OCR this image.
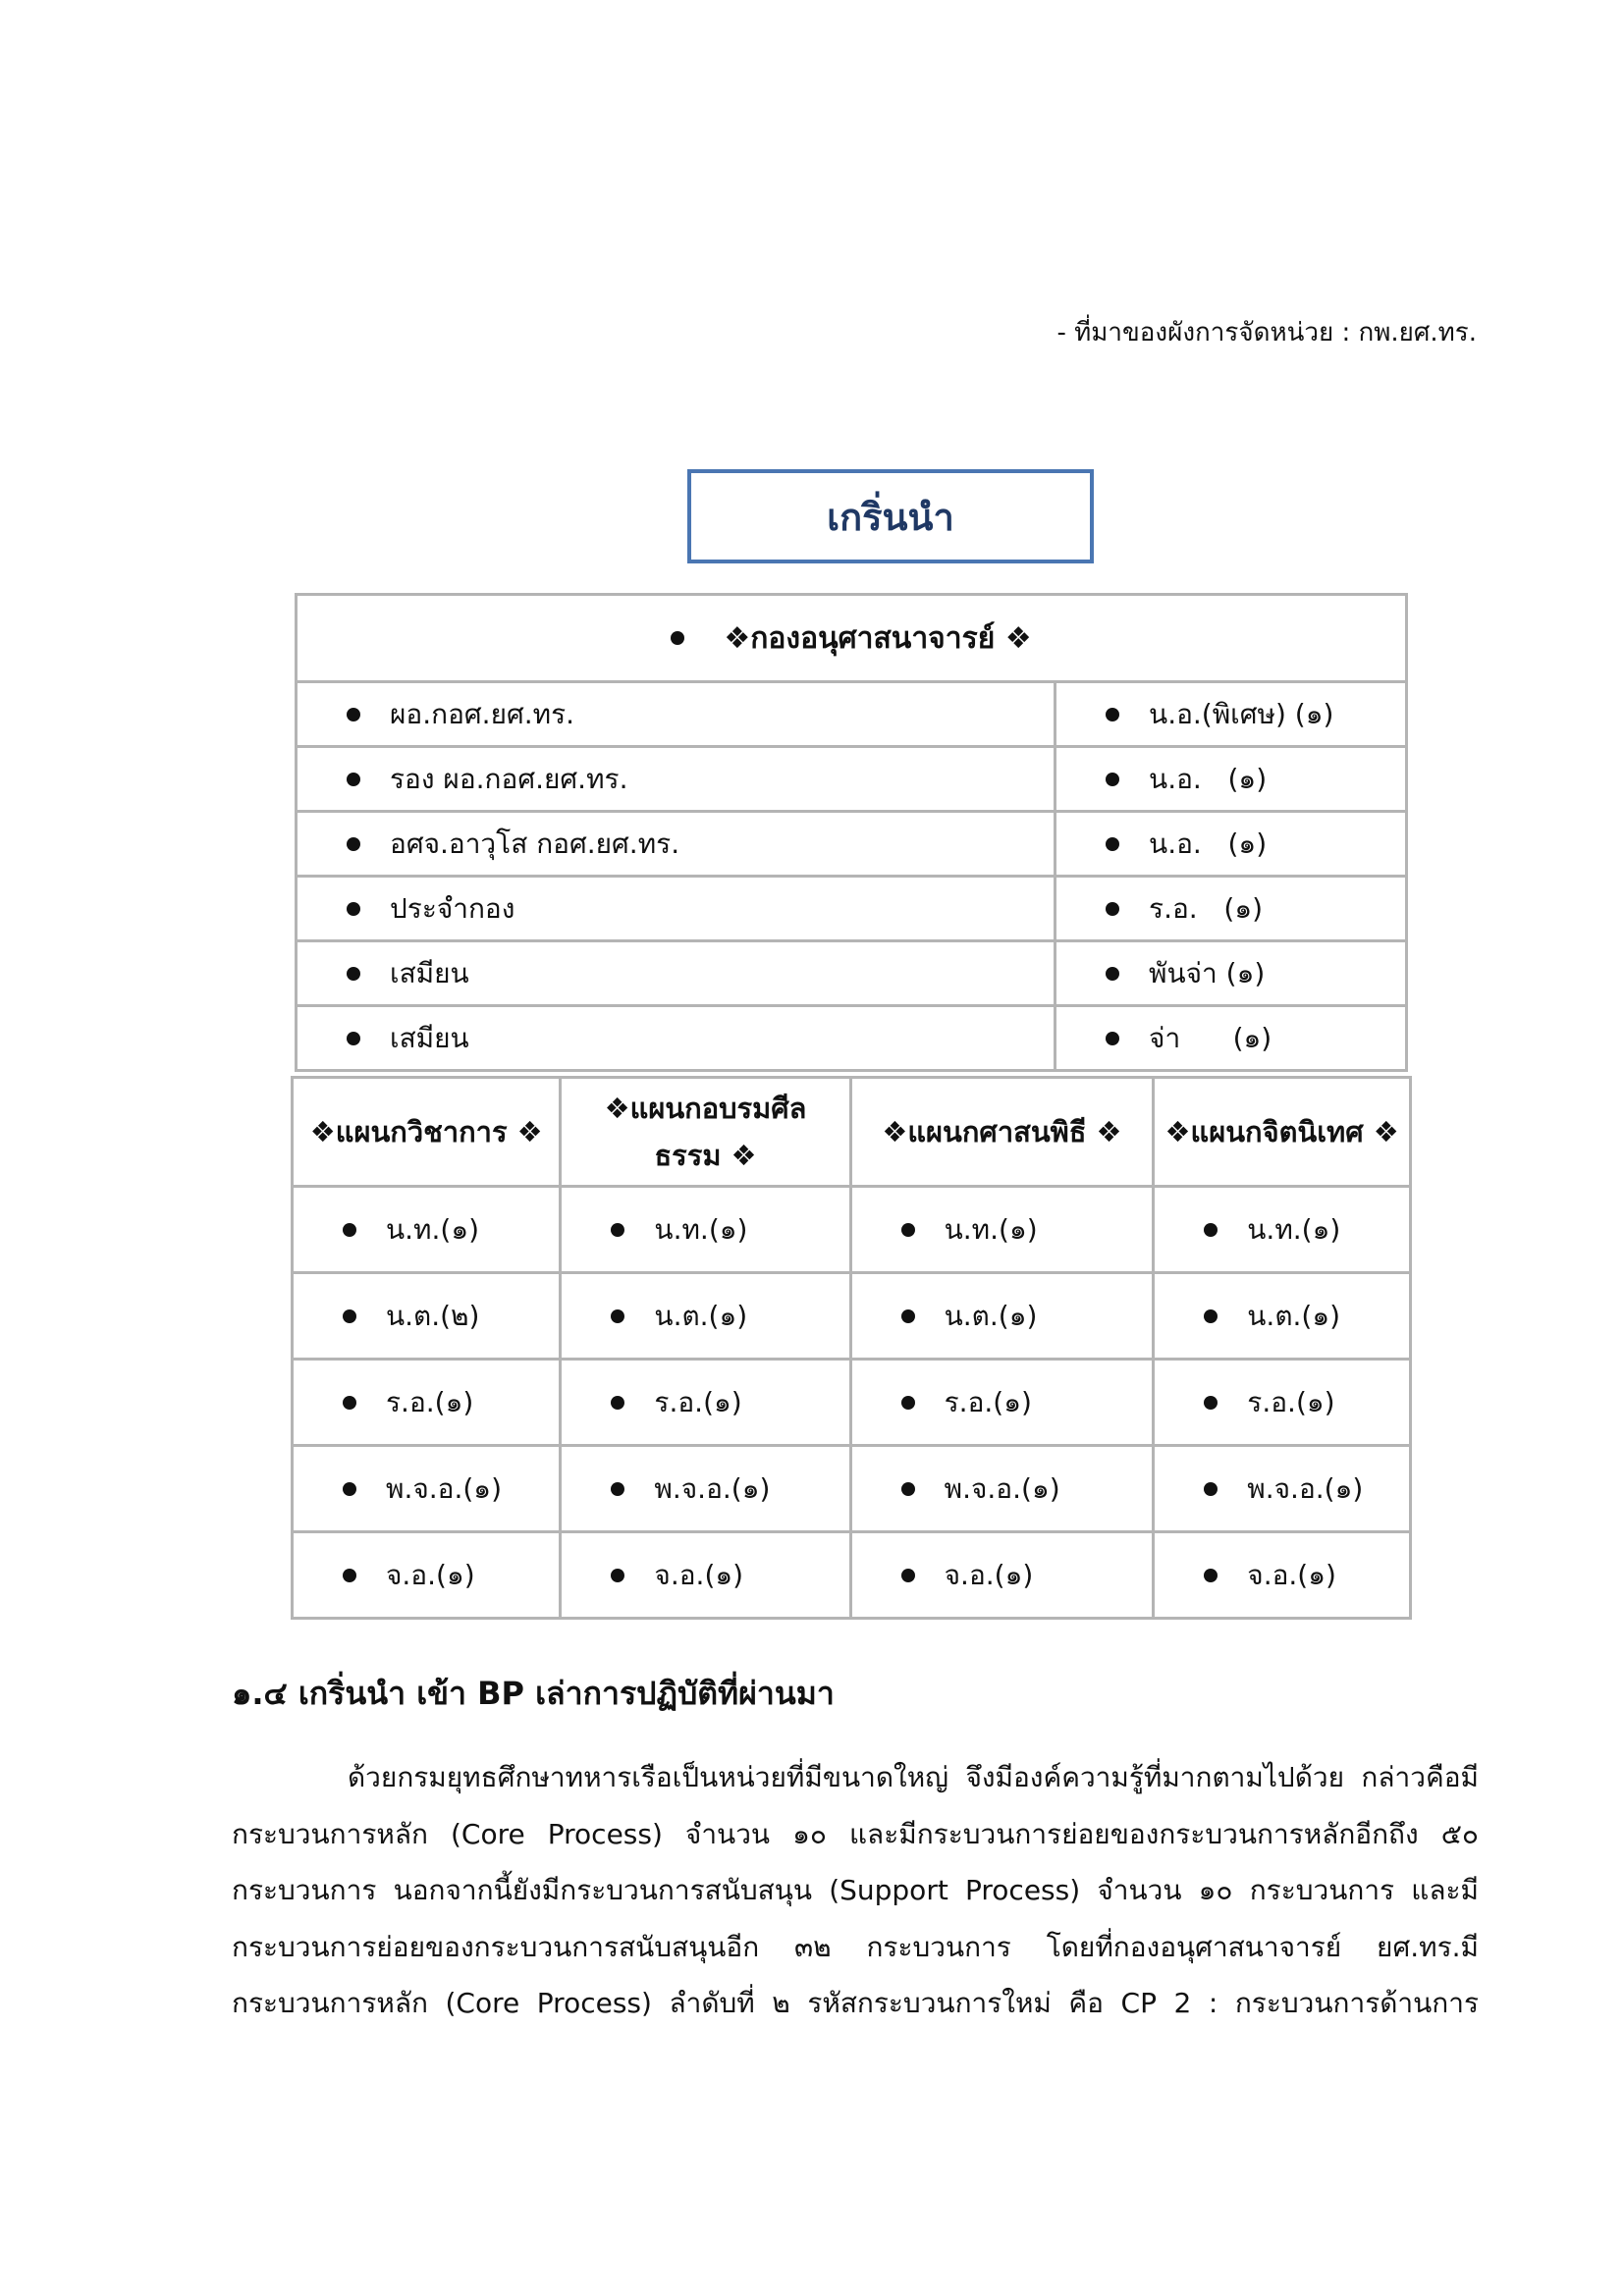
- ที่มาของผังการจัดหน่วย : กพ.ยศ.ทร.
เกริ่นนำ
❖กองอนุศาสนาจารย์ ❖	
ผอ.กอศ.ยศ.ทร.	น.อ.(พิเศษ) (๑)
รอง ผอ.กอศ.ยศ.ทร.	น.อ.   (๑)
อศจ.อาวุโส กอศ.ยศ.ทร.	น.อ.   (๑)
ประจำกอง	ร.อ.   (๑)
เสมียน	พันจ่า (๑)
เสมียน	จ่า      (๑)
❖แผนกวิชาการ ❖	❖แผนกอบรมศีลธรรม ❖	❖แผนกศาสนพิธี ❖	❖แผนกจิตนิเทศ ❖
น.ท.(๑)	น.ท.(๑)	น.ท.(๑)	น.ท.(๑)
น.ต.(๒)	น.ต.(๑)	น.ต.(๑)	น.ต.(๑)
ร.อ.(๑)	ร.อ.(๑)	ร.อ.(๑)	ร.อ.(๑)
พ.จ.อ.(๑)	พ.จ.อ.(๑)	พ.จ.อ.(๑)	พ.จ.อ.(๑)
จ.อ.(๑)	จ.อ.(๑)	จ.อ.(๑)	จ.อ.(๑)
๑.๔ เกริ่นนำ เข้า BP เล่าการปฏิบัติที่ผ่านมา
ด้วยกรมยุทธศึกษาทหารเรือเป็นหน่วยที่มีขนาดใหญ่ จึงมีองค์ความรู้ที่มากตามไปด้วย กล่าวคือมี
กระบวนการหลัก (Core Process) จำนวน ๑๐ และมีกระบวนการย่อยของกระบวนการหลักอีกถึง ๕๐
กระบวนการ นอกจากนี้ยังมีกระบวนการสนับสนุน (Support Process) จำนวน ๑๐ กระบวนการ และมี
กระบวนการย่อยของกระบวนการสนับสนุนอีก ๓๒ กระบวนการ โดยที่กองอนุศาสนาจารย์ ยศ.ทร.มี
กระบวนการหลัก (Core Process) ลำดับที่ ๒ รหัสกระบวนการใหม่ คือ CP 2 : กระบวนการด้านการ
